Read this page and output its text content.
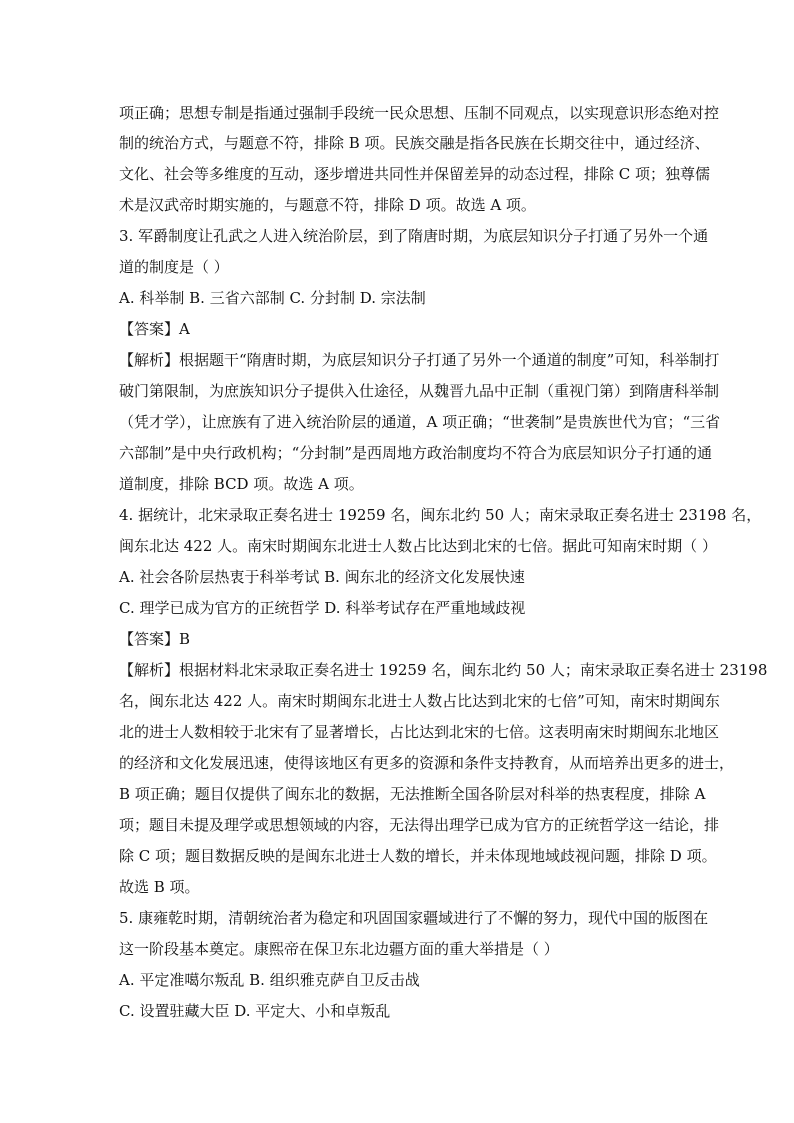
项正确；思想专制是指通过强制手段统一民众思想、压制不同观点，以实现意识形态绝对控
制的统治方式，与题意不符，排除 B 项。民族交融是指各民族在长期交往中，通过经济、
文化、社会等多维度的互动，逐步增进共同性并保留差异的动态过程，排除 C 项；独尊儒
术是汉武帝时期实施的，与题意不符，排除 D 项。故选 A 项。
3. 军爵制度让孔武之人进入统治阶层，到了隋唐时期，为底层知识分子打通了另外一个通
道的制度是（ ）
A. 科举制 B. 三省六部制 C. 分封制 D. 宗法制
【答案】A
【解析】根据题干“隋唐时期，为底层知识分子打通了另外一个通道的制度”可知，科举制打
破门第限制，为庶族知识分子提供入仕途径，从魏晋九品中正制（重视门第）到隋唐科举制
（凭才学），让庶族有了进入统治阶层的通道，A 项正确；“世袭制”是贵族世代为官；“三省
六部制”是中央行政机构；“分封制”是西周地方政治制度均不符合为底层知识分子打通的通
道制度，排除 BCD 项。故选 A 项。
4. 据统计，北宋录取正奏名进士 19259 名，闽东北约 50 人；南宋录取正奏名进士 23198 名，
闽东北达 422 人。南宋时期闽东北进士人数占比达到北宋的七倍。据此可知南宋时期（ ）
A. 社会各阶层热衷于科举考试 B. 闽东北的经济文化发展快速
C. 理学已成为官方的正统哲学 D. 科举考试存在严重地域歧视
【答案】B
【解析】根据材料北宋录取正奏名进士 19259 名，闽东北约 50 人；南宋录取正奏名进士 23198
名，闽东北达 422 人。南宋时期闽东北进士人数占比达到北宋的七倍”可知，南宋时期闽东
北的进士人数相较于北宋有了显著增长，占比达到北宋的七倍。这表明南宋时期闽东北地区
的经济和文化发展迅速，使得该地区有更多的资源和条件支持教育，从而培养出更多的进士，
B 项正确；题目仅提供了闽东北的数据，无法推断全国各阶层对科举的热衷程度，排除 A
项；题目未提及理学或思想领域的内容，无法得出理学已成为官方的正统哲学这一结论，排
除 C 项；题目数据反映的是闽东北进士人数的增长，并未体现地域歧视问题，排除 D 项。
故选 B 项。
5. 康雍乾时期，清朝统治者为稳定和巩固国家疆域进行了不懈的努力，现代中国的版图在
这一阶段基本奠定。康熙帝在保卫东北边疆方面的重大举措是（ ）
A. 平定准噶尔叛乱 B. 组织雅克萨自卫反击战
C. 设置驻藏大臣 D. 平定大、小和卓叛乱
